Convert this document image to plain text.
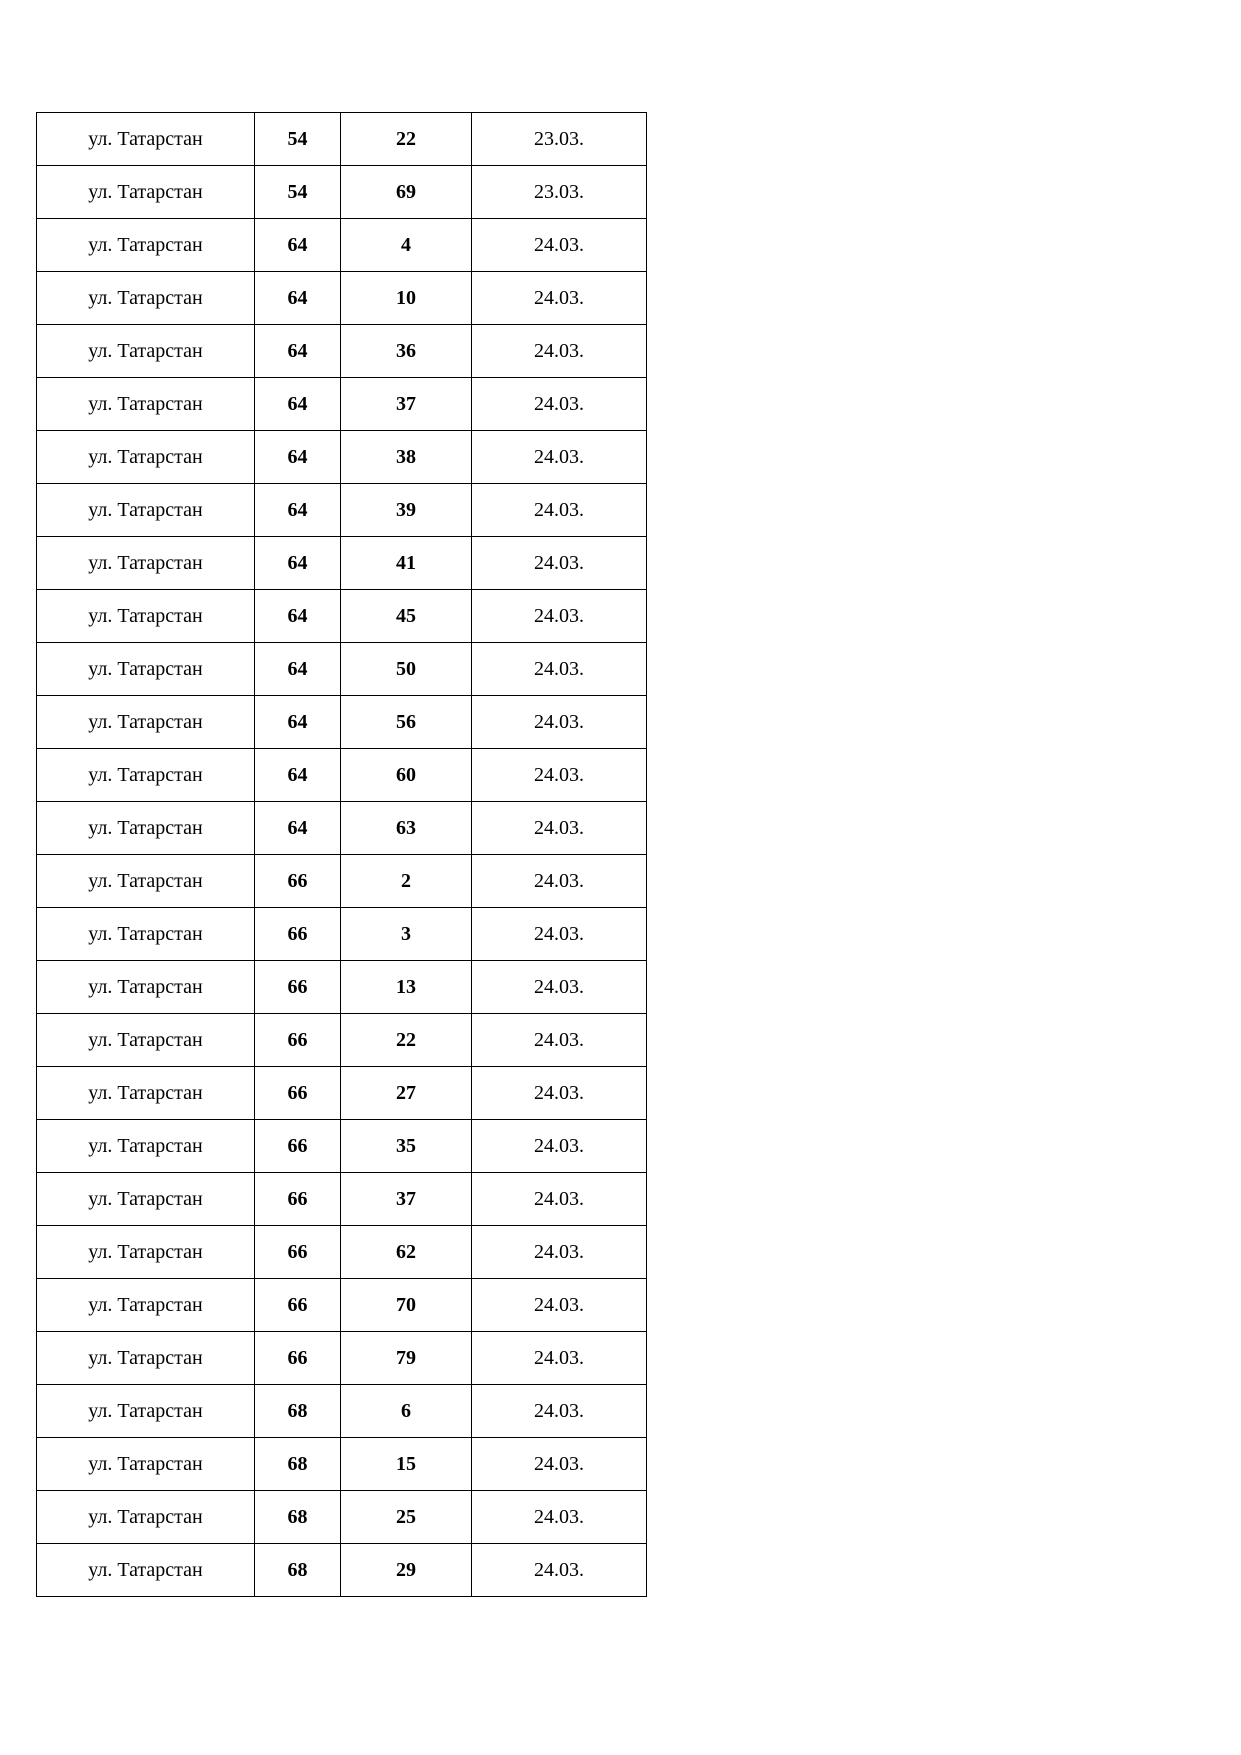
ул. Татарстан	54	22	23.03.
ул. Татарстан	54	69	23.03.
ул. Татарстан	64	4	24.03.
ул. Татарстан	64	10	24.03.
ул. Татарстан	64	36	24.03.
ул. Татарстан	64	37	24.03.
ул. Татарстан	64	38	24.03.
ул. Татарстан	64	39	24.03.
ул. Татарстан	64	41	24.03.
ул. Татарстан	64	45	24.03.
ул. Татарстан	64	50	24.03.
ул. Татарстан	64	56	24.03.
ул. Татарстан	64	60	24.03.
ул. Татарстан	64	63	24.03.
ул. Татарстан	66	2	24.03.
ул. Татарстан	66	3	24.03.
ул. Татарстан	66	13	24.03.
ул. Татарстан	66	22	24.03.
ул. Татарстан	66	27	24.03.
ул. Татарстан	66	35	24.03.
ул. Татарстан	66	37	24.03.
ул. Татарстан	66	62	24.03.
ул. Татарстан	66	70	24.03.
ул. Татарстан	66	79	24.03.
ул. Татарстан	68	6	24.03.
ул. Татарстан	68	15	24.03.
ул. Татарстан	68	25	24.03.
ул. Татарстан	68	29	24.03.
